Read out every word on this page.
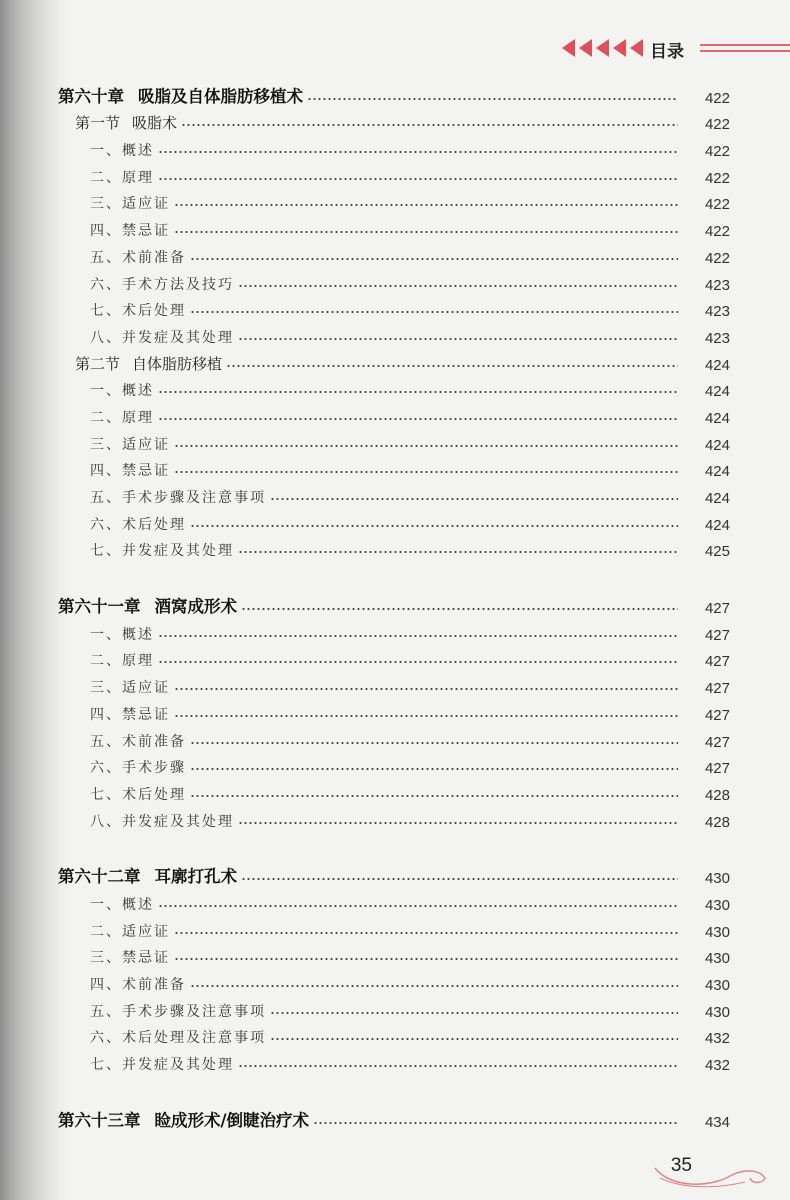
目录
第六十章 吸脂及自体脂肪移植术	422
第一节 吸脂术	422
一、概述	422
二、原理	422
三、适应证	422
四、禁忌证	422
五、术前准备	422
六、手术方法及技巧	423
七、术后处理	423
八、并发症及其处理	423
第二节 自体脂肪移植	424
一、概述	424
二、原理	424
三、适应证	424
四、禁忌证	424
五、手术步骤及注意事项	424
六、术后处理	424
七、并发症及其处理	425
第六十一章 酒窝成形术	427
一、概述	427
二、原理	427
三、适应证	427
四、禁忌证	427
五、术前准备	427
六、手术步骤	427
七、术后处理	428
八、并发症及其处理	428
第六十二章 耳廓打孔术	430
一、概述	430
二、适应证	430
三、禁忌证	430
四、术前准备	430
五、手术步骤及注意事项	430
六、术后处理及注意事项	432
七、并发症及其处理	432
第六十三章 睑成形术/倒睫治疗术	434
35
